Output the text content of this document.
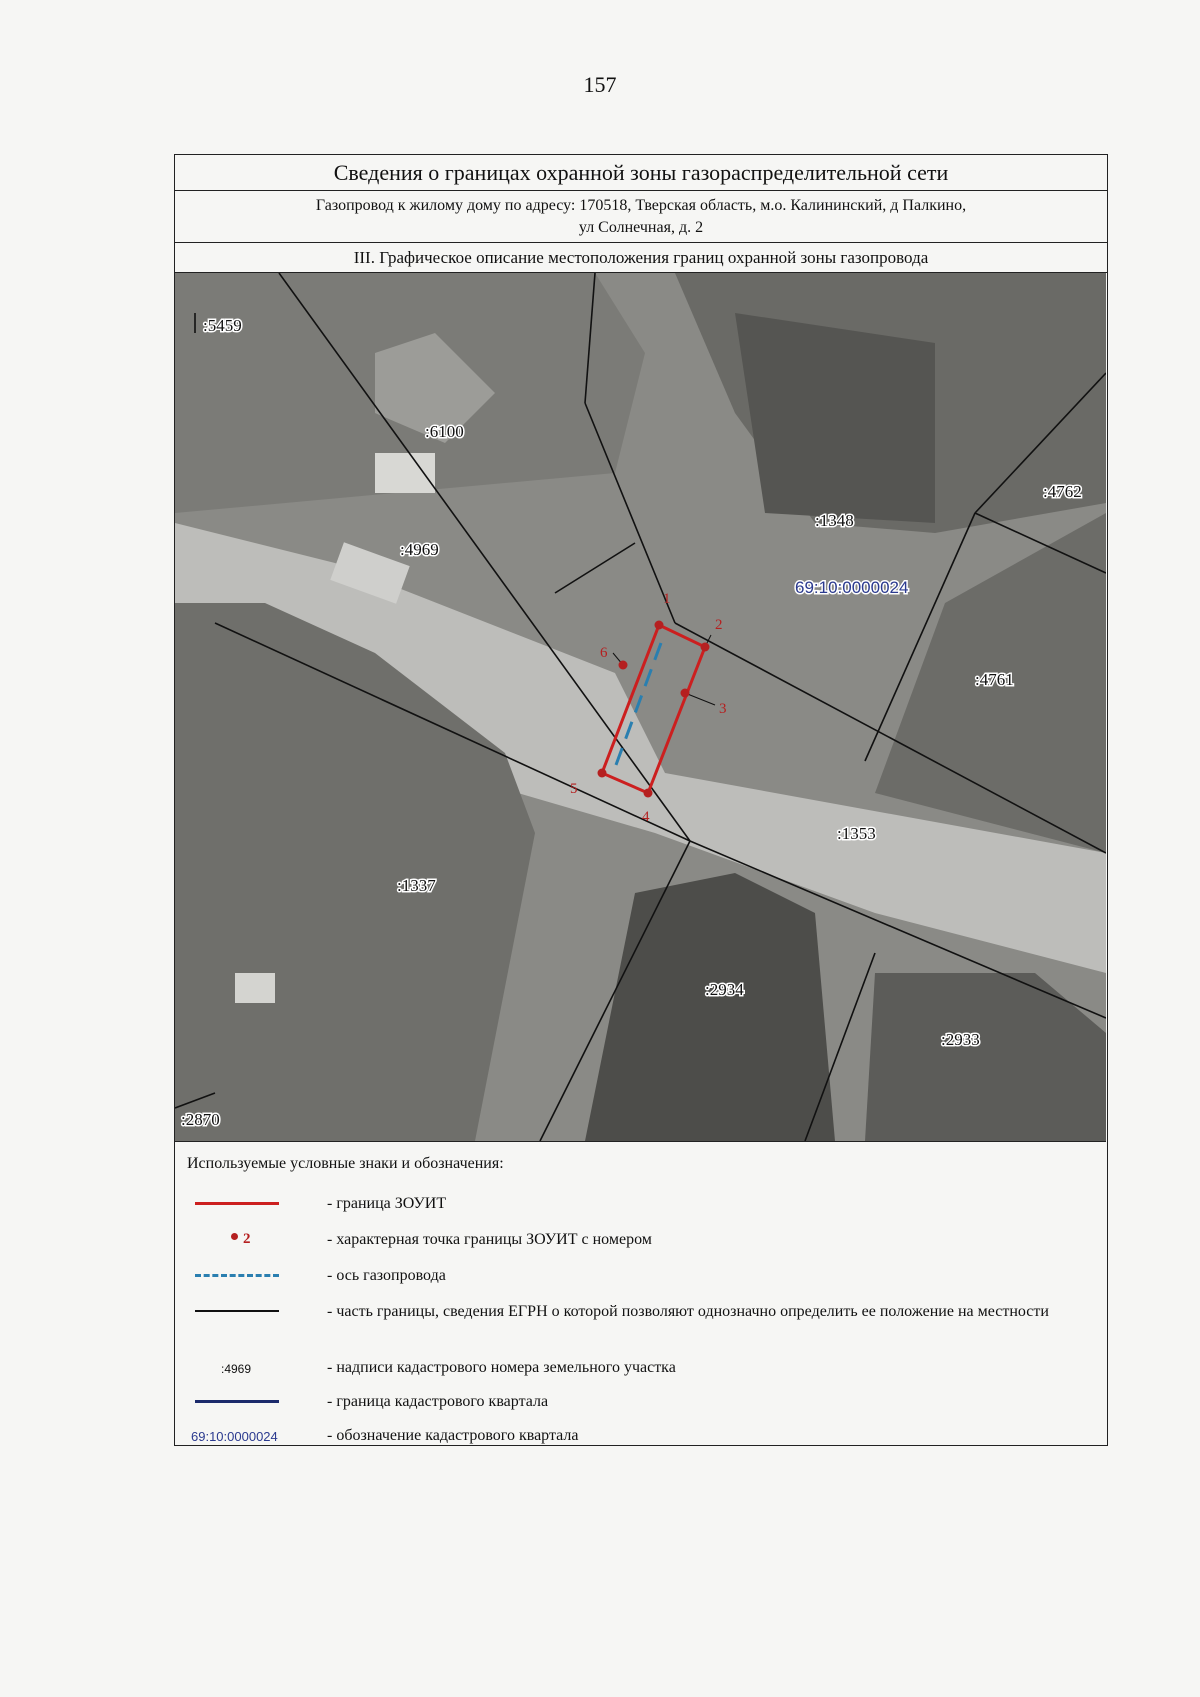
157
Сведения о границах охранной зоны газораспределительной сети
Газопровод к жилому дому по адресу: 170518, Тверская область, м.о. Калининский, д Палкино,
ул Солнечная, д. 2
III. Графическое описание местоположения границ охранной зоны газопровода
1
2
3
4
5
6
:5459
:6100
:4969
:1348
:4762
:4761
:1353
:1337
:2934
:2933
:2870
69:10:0000024
Используемые условные знаки и обозначения:
- граница ЗОУИТ
2	- характерная точка границы ЗОУИТ с номером
- ось газопровода
- часть границы, сведения ЕГРН о которой позволяют однозначно определить ее положение на местности
:4969	- надписи кадастрового номера земельного участка
- граница кадастрового квартала
69:10:0000024	- обозначение кадастрового квартала
